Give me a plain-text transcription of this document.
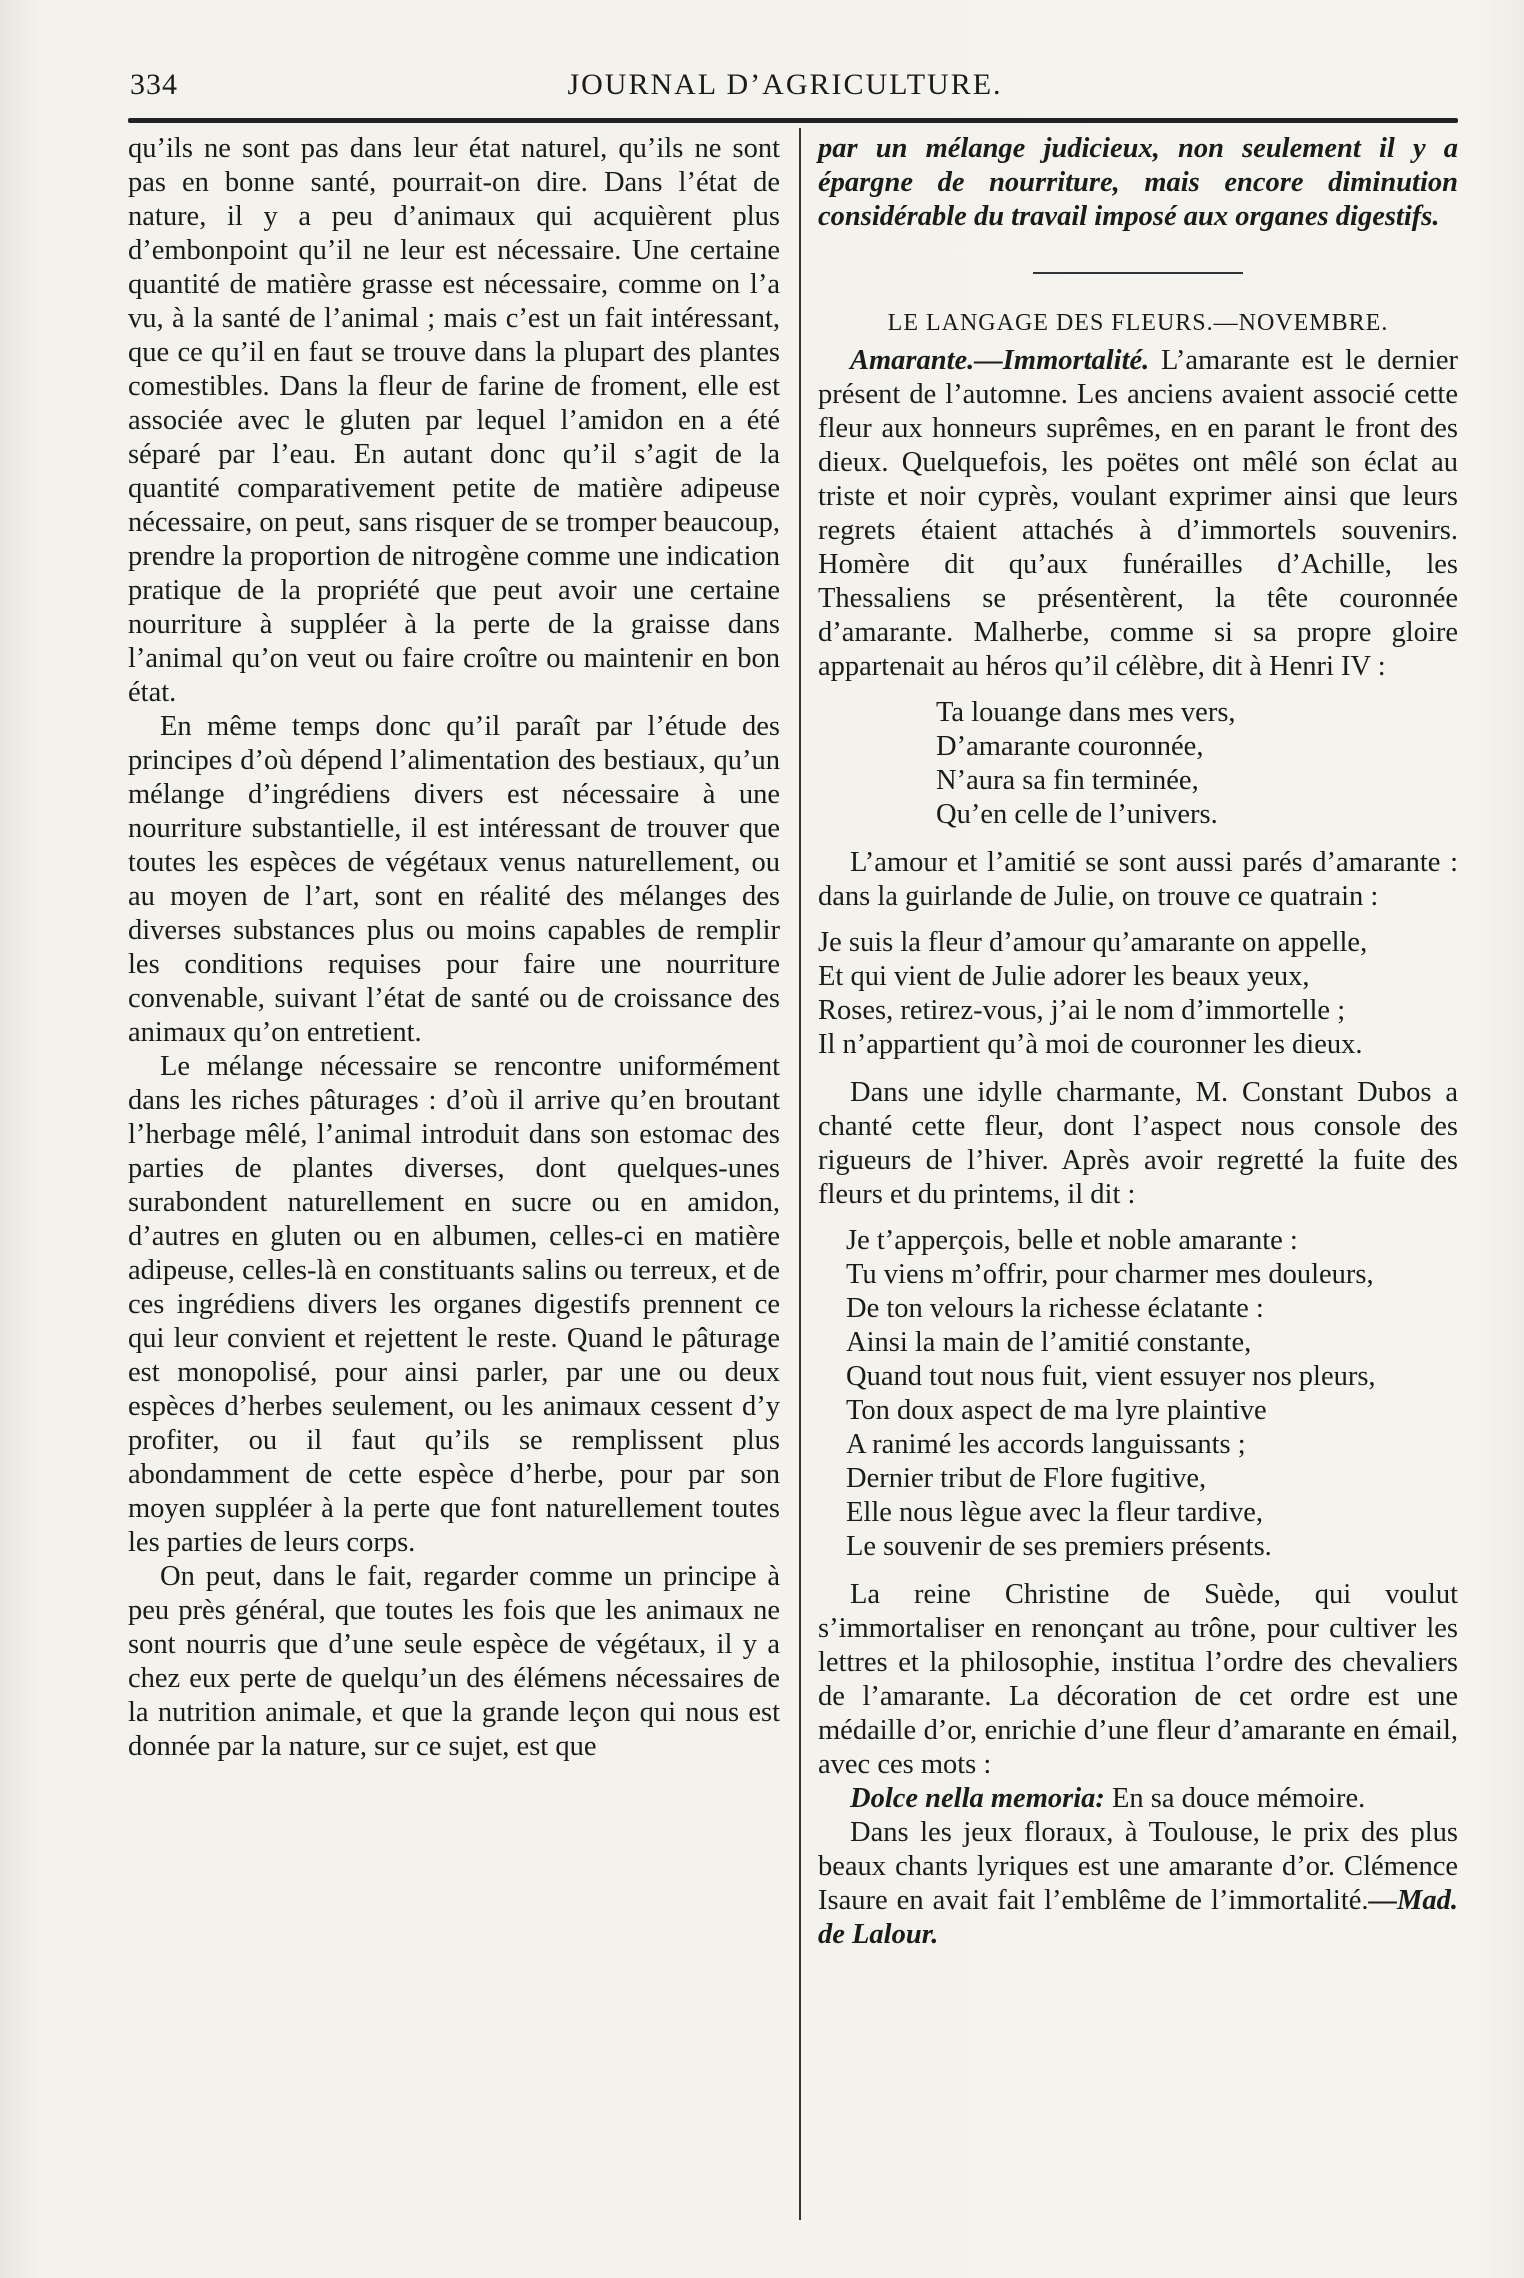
334	JOURNAL D’AGRICULTURE.

qu’ils ne sont pas dans leur état naturel, qu’ils ne sont pas en bonne santé, pourrait-on dire. Dans l’état de nature, il y a peu d’animaux qui acquièrent plus d’embonpoint qu’il ne leur est nécessaire. Une certaine quantité de matière grasse est nécessaire, comme on l’a vu, à la santé de l’animal ; mais c’est un fait intéressant, que ce qu’il en faut se trouve dans la plupart des plantes comestibles. Dans la fleur de farine de froment, elle est associée avec le gluten par lequel l’amidon en a été séparé par l’eau. En autant donc qu’il s’agit de la quantité comparativement petite de matière adipeuse nécessaire, on peut, sans risquer de se tromper beaucoup, prendre la proportion de nitrogène comme une indication pratique de la propriété que peut avoir une certaine nourriture à suppléer à la perte de la graisse dans l’animal qu’on veut ou faire croître ou maintenir en bon état.

En même temps donc qu’il paraît par l’étude des principes d’où dépend l’alimentation des bestiaux, qu’un mélange d’ingrédiens divers est nécessaire à une nourriture substantielle, il est intéressant de trouver que toutes les espèces de végétaux venus naturellement, ou au moyen de l’art, sont en réalité des mélanges des diverses substances plus ou moins capables de remplir les conditions requises pour faire une nourriture convenable, suivant l’état de santé ou de croissance des animaux qu’on entretient.

Le mélange nécessaire se rencontre uniformément dans les riches pâturages : d’où il arrive qu’en broutant l’herbage mêlé, l’animal introduit dans son estomac des parties de plantes diverses, dont quelques-unes surabondent naturellement en sucre ou en amidon, d’autres en gluten ou en albumen, celles-ci en matière adipeuse, celles-là en constituants salins ou terreux, et de ces ingrédiens divers les organes digestifs prennent ce qui leur convient et rejettent le reste. Quand le pâturage est monopolisé, pour ainsi parler, par une ou deux espèces d’herbes seulement, ou les animaux cessent d’y profiter, ou il faut qu’ils se remplissent plus abondamment de cette espèce d’herbe, pour par son moyen suppléer à la perte que font naturellement toutes les parties de leurs corps.

On peut, dans le fait, regarder comme un principe à peu près général, que toutes les fois que les animaux ne sont nourris que d’une seule espèce de végétaux, il y a chez eux perte de quelqu’un des élémens nécessaires de la nutrition animale, et que la grande leçon qui nous est donnée par la nature, sur ce sujet, est que

par un mélange judicieux, non seulement il y a épargne de nourriture, mais encore diminution considérable du travail imposé aux organes digestifs.

LE LANGAGE DES FLEURS.—NOVEMBRE.

Amarante.—Immortalité. L’amarante est le dernier présent de l’automne. Les anciens avaient associé cette fleur aux honneurs suprêmes, en en parant le front des dieux. Quelquefois, les poëtes ont mêlé son éclat au triste et noir cyprès, voulant exprimer ainsi que leurs regrets étaient attachés à d’immortels souvenirs. Homère dit qu’aux funérailles d’Achille, les Thessaliens se présentèrent, la tête couronnée d’amarante. Malherbe, comme si sa propre gloire appartenait au héros qu’il célèbre, dit à Henri IV :

Ta louange dans mes vers,
D’amarante couronnée,
N’aura sa fin terminée,
Qu’en celle de l’univers.

L’amour et l’amitié se sont aussi parés d’amarante : dans la guirlande de Julie, on trouve ce quatrain :

Je suis la fleur d’amour qu’amarante on appelle,
Et qui vient de Julie adorer les beaux yeux,
Roses, retirez-vous, j’ai le nom d’immortelle ;
Il n’appartient qu’à moi de couronner les dieux.

Dans une idylle charmante, M. Constant Dubos a chanté cette fleur, dont l’aspect nous console des rigueurs de l’hiver. Après avoir regretté la fuite des fleurs et du printems, il dit :

Je t’apperçois, belle et noble amarante :
Tu viens m’offrir, pour charmer mes douleurs,
De ton velours la richesse éclatante :
Ainsi la main de l’amitié constante,
Quand tout nous fuit, vient essuyer nos pleurs,
Ton doux aspect de ma lyre plaintive
A ranimé les accords languissants ;
Dernier tribut de Flore fugitive,
Elle nous lègue avec la fleur tardive,
Le souvenir de ses premiers présents.

La reine Christine de Suède, qui voulut s’immortaliser en renonçant au trône, pour cultiver les lettres et la philosophie, institua l’ordre des chevaliers de l’amarante. La décoration de cet ordre est une médaille d’or, enrichie d’une fleur d’amarante en émail, avec ces mots :

Dolce nella memoria: En sa douce mémoire.

Dans les jeux floraux, à Toulouse, le prix des plus beaux chants lyriques est une amarante d’or. Clémence Isaure en avait fait l’emblême de l’immortalité.—Mad. de Lalour.
